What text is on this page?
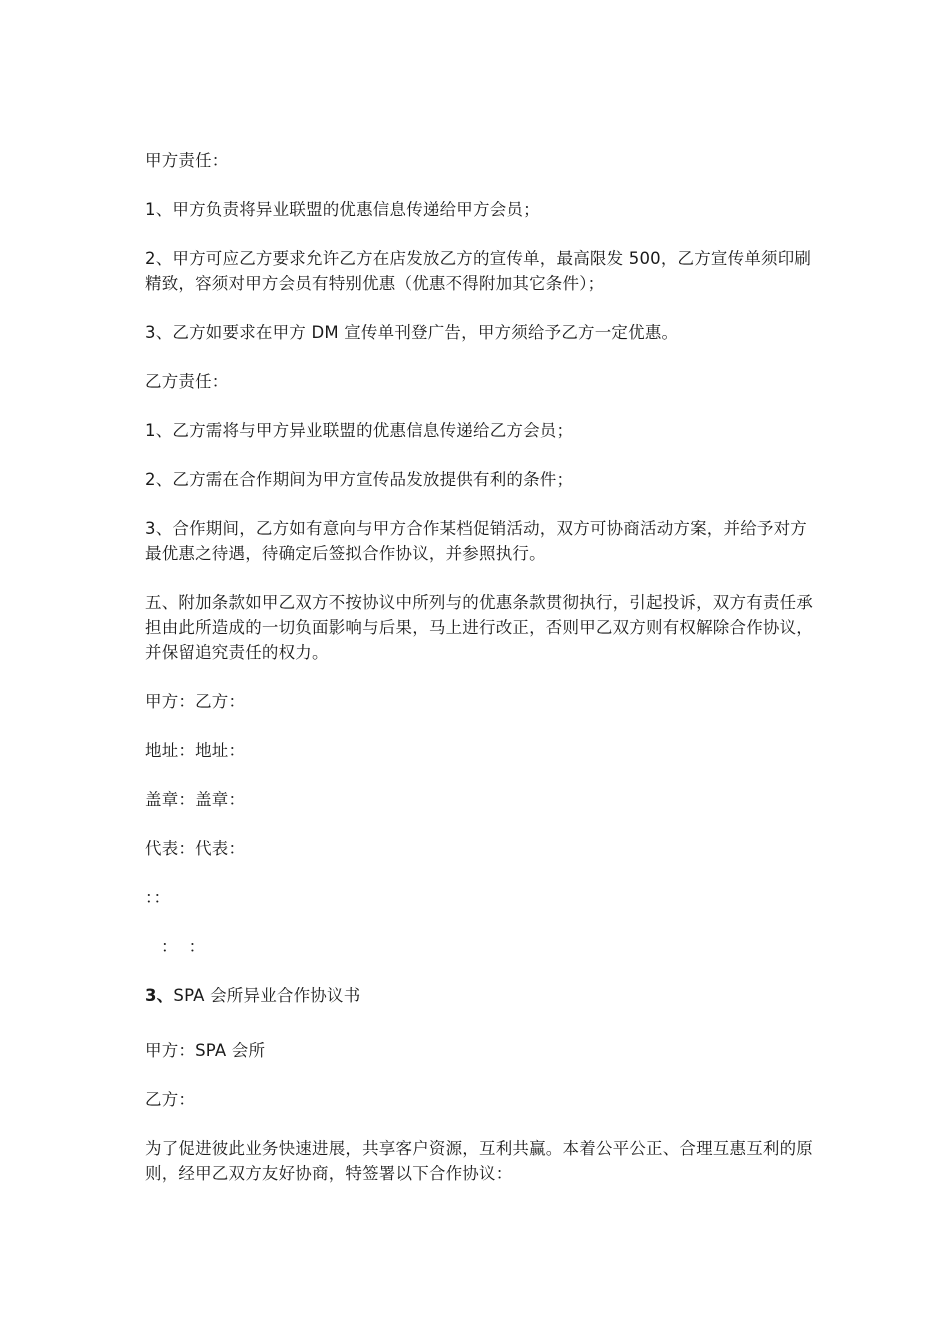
甲方责任：

1、甲方负责将异业联盟的优惠信息传递给甲方会员；

2、甲方可应乙方要求允许乙方在店发放乙方的宣传单，最高限发 500，乙方宣传单须印刷精致，容须对甲方会员有特别优惠（优惠不得附加其它条件）；

3、乙方如要求在甲方 DM 宣传单刊登广告，甲方须给予乙方一定优惠。

乙方责任：

1、乙方需将与甲方异业联盟的优惠信息传递给乙方会员；

2、乙方需在合作期间为甲方宣传品发放提供有利的条件；

3、合作期间，乙方如有意向与甲方合作某档促销活动，双方可协商活动方案，并给予对方最优惠之待遇，待确定后签拟合作协议，并参照执行。

五、附加条款如甲乙双方不按协议中所列与的优惠条款贯彻执行，引起投诉，双方有责任承担由此所造成的一切负面影响与后果，马上进行改正，否则甲乙双方则有权解除合作协议，并保留追究责任的权力。

甲方：乙方：

地址：地址：

盖章：盖章：

代表：代表：

：：

：  ：

3、SPA 会所异业合作协议书

甲方：SPA 会所

乙方：

为了促进彼此业务快速进展，共享客户资源，互利共赢。本着公平公正、合理互惠互利的原则，经甲乙双方友好协商，特签署以下合作协议：
